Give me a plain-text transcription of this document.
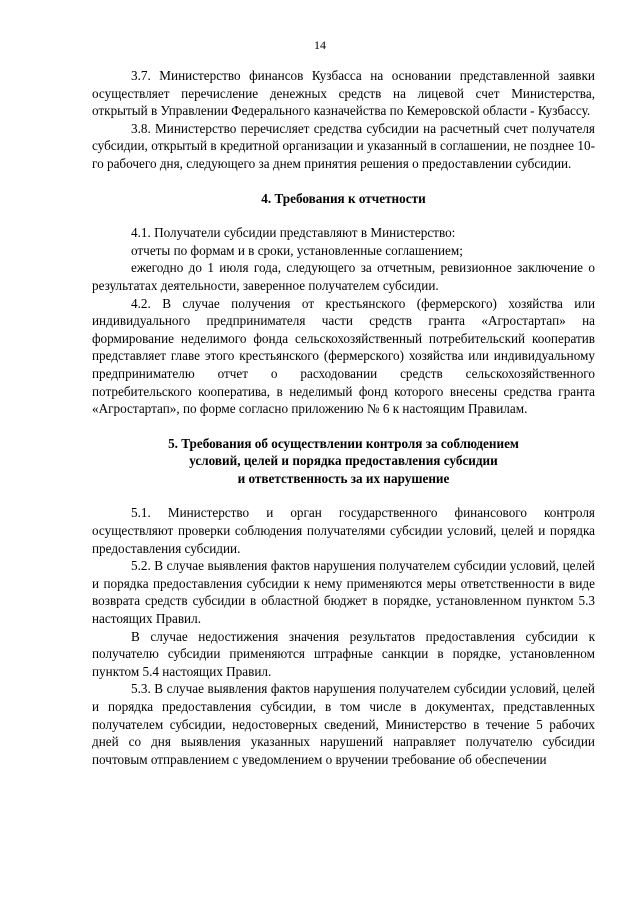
14

3.7. Министерство финансов Кузбасса на основании представленной заявки осуществляет перечисление денежных средств на лицевой счет Министерства, открытый в Управлении Федерального казначейства по Кемеровской области - Кузбассу.

3.8. Министерство перечисляет средства субсидии на расчетный счет получателя субсидии, открытый в кредитной организации и указанный в соглашении, не позднее 10-го рабочего дня, следующего за днем принятия решения о предоставлении субсидии.

4. Требования к отчетности

4.1. Получатели субсидии представляют в Министерство:

отчеты по формам и в сроки, установленные соглашением;

ежегодно до 1 июля года, следующего за отчетным, ревизионное заключение о результатах деятельности, заверенное получателем субсидии.

4.2. В случае получения от крестьянского (фермерского) хозяйства или индивидуального предпринимателя части средств гранта «Агростартап» на формирование неделимого фонда сельскохозяйственный потребительский кооператив представляет главе этого крестьянского (фермерского) хозяйства или индивидуальному предпринимателю отчет о расходовании средств сельскохозяйственного потребительского кооператива, в неделимый фонд которого внесены средства гранта «Агростартап», по форме согласно приложению № 6 к настоящим Правилам.

5. Требования об осуществлении контроля за соблюдением
условий, целей и порядка предоставления субсидии
и ответственность за их нарушение

5.1. Министерство и орган государственного финансового контроля осуществляют проверки соблюдения получателями субсидии условий, целей и порядка предоставления субсидии.

5.2. В случае выявления фактов нарушения получателем субсидии условий, целей и порядка предоставления субсидии к нему применяются меры ответственности в виде возврата средств субсидии в областной бюджет в порядке, установленном пунктом 5.3 настоящих Правил.

В случае недостижения значения результатов предоставления субсидии к получателю субсидии применяются штрафные санкции в порядке, установленном пунктом 5.4 настоящих Правил.

5.3. В случае выявления фактов нарушения получателем субсидии условий, целей и порядка предоставления субсидии, в том числе в документах, представленных получателем субсидии, недостоверных сведений, Министерство в течение 5 рабочих дней со дня выявления указанных нарушений направляет получателю субсидии почтовым отправлением с уведомлением о вручении требование об обеспечении
